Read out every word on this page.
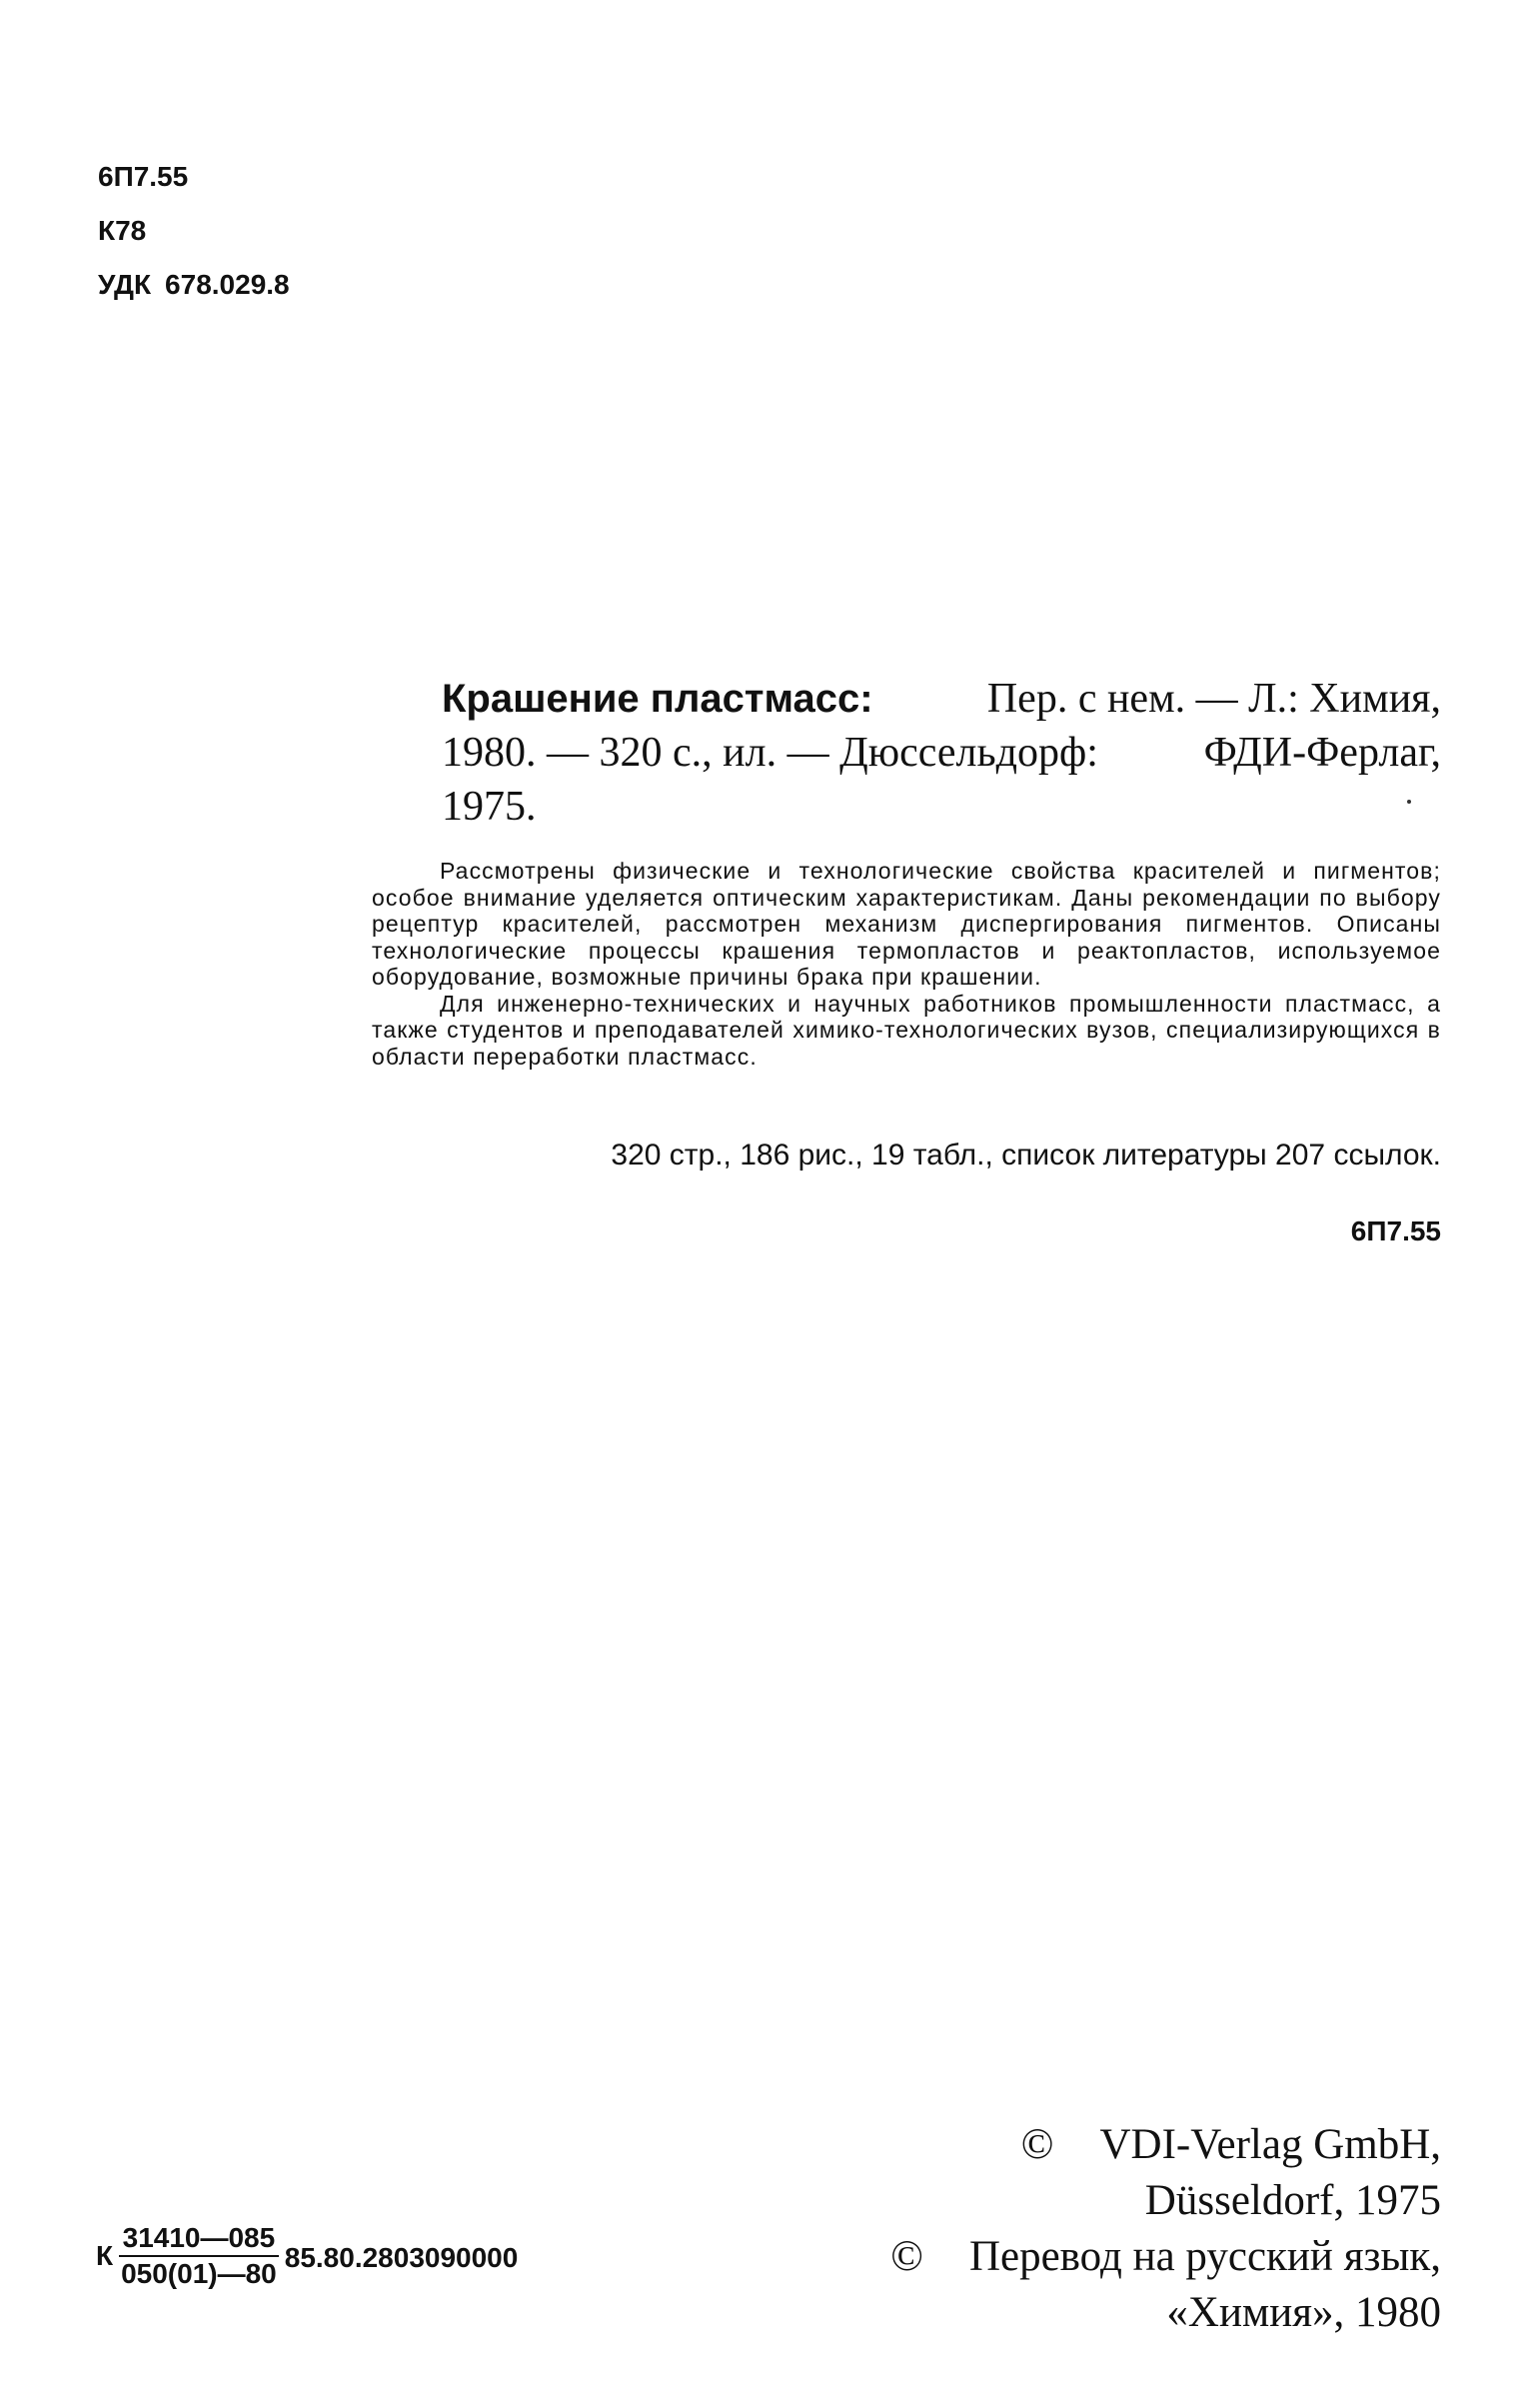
6П7.55
К78
УДК 678.029.8
Крашение пластмасс:	Пер. с нем. — Л.: Химия,
1980. — 320 с., ил. — Дюссельдорф:	ФДИ-Ферлаг,
1975.

Рассмотрены физические и технологические свойства красителей и пигментов; особое внимание уделяется оптическим характеристикам. Даны рекомендации по выбору рецептур красителей, рассмотрен механизм диспергирования пигментов. Описаны технологические процессы крашения термопластов и реактопластов, используемое оборудование, возможные причины брака при крашении.

Для инженерно-технических и научных работников промышленности пластмасс, а также студентов и преподавателей химико-технологических вузов, специализирующихся в области переработки пластмасс.

320 стр., 186 рис., 19 табл., список литературы 207 ссылок.
6П7.55
К $\frac{31410—085}{050(01)—80} 85.80.2803090000$
© VDI-Verlag GmbH,
Düsseldorf, 1975
© Перевод на русский язык,
«Химия», 1980
